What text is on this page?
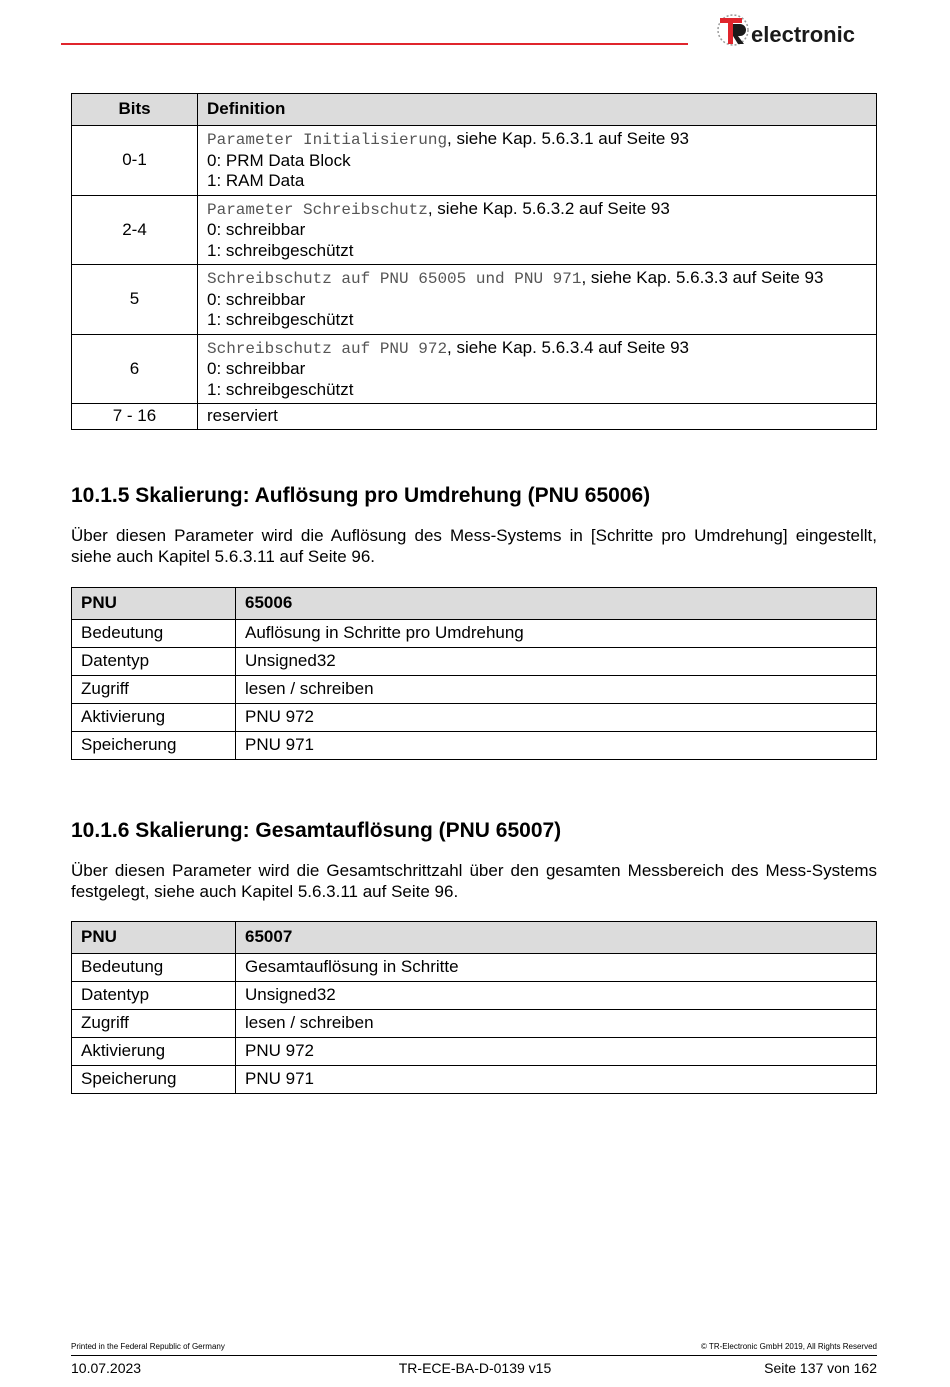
electronic
Bits	Definition
0-1	Parameter Initialisierung, siehe Kap. 5.6.3.1 auf Seite 93
0: PRM Data Block
1: RAM Data
2-4	Parameter Schreibschutz, siehe Kap. 5.6.3.2 auf Seite 93
0: schreibbar
1: schreibgeschützt
5	Schreibschutz auf PNU 65005 und PNU 971, siehe Kap. 5.6.3.3 auf Seite 93
0: schreibbar
1: schreibgeschützt
6	Schreibschutz auf PNU 972, siehe Kap. 5.6.3.4 auf Seite 93
0: schreibbar
1: schreibgeschützt
7 - 16	reserviert
10.1.5 Skalierung: Auflösung pro Umdrehung (PNU 65006)

Über diesen Parameter wird die Auflösung des Mess-Systems in [Schritte pro Umdrehung] eingestellt, siehe auch Kapitel 5.6.3.11 auf Seite 96.

PNU	65006
Bedeutung	Auflösung in Schritte pro Umdrehung
Datentyp	Unsigned32
Zugriff	lesen / schreiben
Aktivierung	PNU 972
Speicherung	PNU 971
10.1.6 Skalierung: Gesamtauflösung (PNU 65007)

Über diesen Parameter wird die Gesamtschrittzahl über den gesamten Messbereich des Mess-Systems festgelegt, siehe auch Kapitel 5.6.3.11 auf Seite 96.

PNU	65007
Bedeutung	Gesamtauflösung in Schritte
Datentyp	Unsigned32
Zugriff	lesen / schreiben
Aktivierung	PNU 972
Speicherung	PNU 971
Printed in the Federal Republic of Germany	© TR-Electronic GmbH 2019, All Rights Reserved
10.07.2023	TR-ECE-BA-D-0139 v15	Seite 137 von 162
